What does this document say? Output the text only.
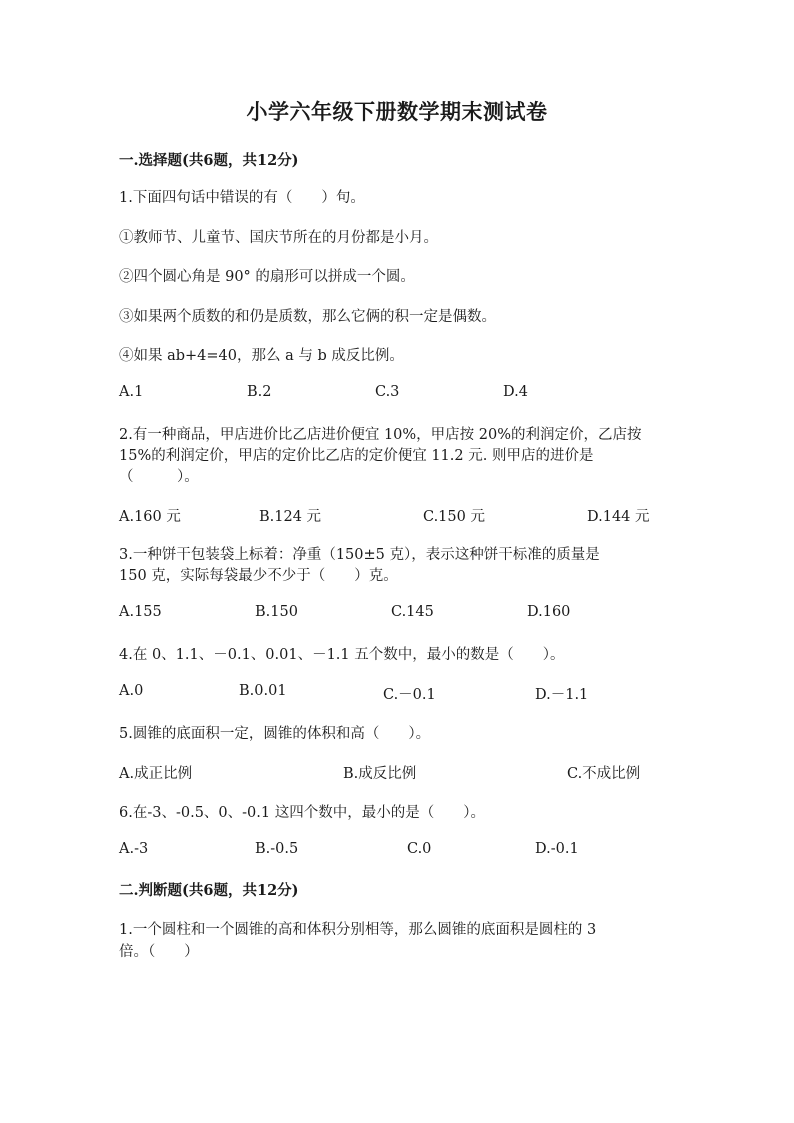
小学六年级下册数学期末测试卷
一.选择题(共6题，共12分)
1.下面四句话中错误的有（　　）句。
①教师节、儿童节、国庆节所在的月份都是小月。
②四个圆心角是 90° 的扇形可以拼成一个圆。
③如果两个质数的和仍是质数，那么它俩的积一定是偶数。
④如果 ab+4=40，那么 a 与 b 成反比例。
A.1	B.2	C.3	D.4
2.有一种商品，甲店进价比乙店进价便宜 10%，甲店按 20%的利润定价，乙店按
15%的利润定价，甲店的定价比乙店的定价便宜 11.2 元. 则甲店的进价是
（　　　）。
A.160 元	B.124 元	C.150 元	D.144 元
3.一种饼干包装袋上标着：净重（150±5 克），表示这种饼干标准的质量是
150 克，实际每袋最少不少于（　　）克。
A.155	B.150	C.145	D.160
4.在 0、1.1、－0.1、0.01、－1.1 五个数中，最小的数是（　　）。
A.0	B.0.01	C.－0.1	D.－1.1
5.圆锥的底面积一定，圆锥的体积和高（　　）。
A.成正比例	B.成反比例	C.不成比例
6.在-3、-0.5、0、-0.1 这四个数中，最小的是（　　）。
A.-3	B.-0.5	C.0	D.-0.1
二.判断题(共6题，共12分)
1.一个圆柱和一个圆锥的高和体积分别相等，那么圆锥的底面积是圆柱的 3
倍。（　　）
